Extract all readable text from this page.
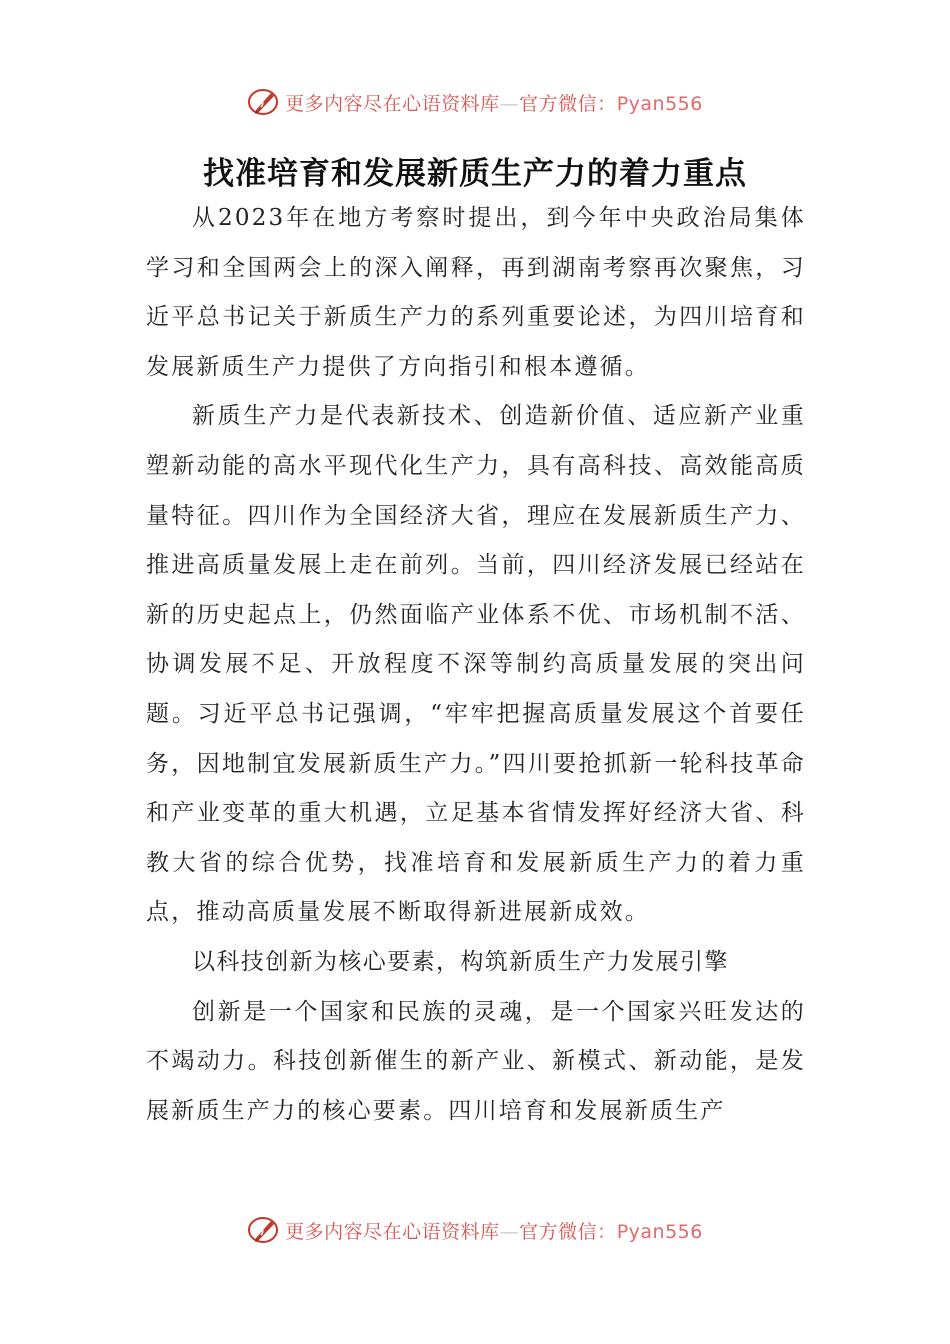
更多内容尽在心语资料库—官方微信：Pyan556
找准培育和发展新质生产力的着力重点

从2023年在地方考察时提出，到今年中央政治局集体学习和全国两会上的深入阐释，再到湖南考察再次聚焦，习近平总书记关于新质生产力的系列重要论述，为四川培育和发展新质生产力提供了方向指引和根本遵循。

新质生产力是代表新技术、创造新价值、适应新产业重塑新动能的高水平现代化生产力，具有高科技、高效能高质量特征。四川作为全国经济大省，理应在发展新质生产力、推进高质量发展上走在前列。当前，四川经济发展已经站在新的历史起点上，仍然面临产业体系不优、市场机制不活、协调发展不足、开放程度不深等制约高质量发展的突出问题。习近平总书记强调，“牢牢把握高质量发展这个首要任务，因地制宜发展新质生产力。”四川要抢抓新一轮科技革命和产业变革的重大机遇，立足基本省情发挥好经济大省、科教大省的综合优势，找准培育和发展新质生产力的着力重点，推动高质量发展不断取得新进展新成效。

以科技创新为核心要素，构筑新质生产力发展引擎

创新是一个国家和民族的灵魂，是一个国家兴旺发达的不竭动力。科技创新催生的新产业、新模式、新动能，是发展新质生产力的核心要素。四川培育和发展新质生产

更多内容尽在心语资料库—官方微信：Pyan556
